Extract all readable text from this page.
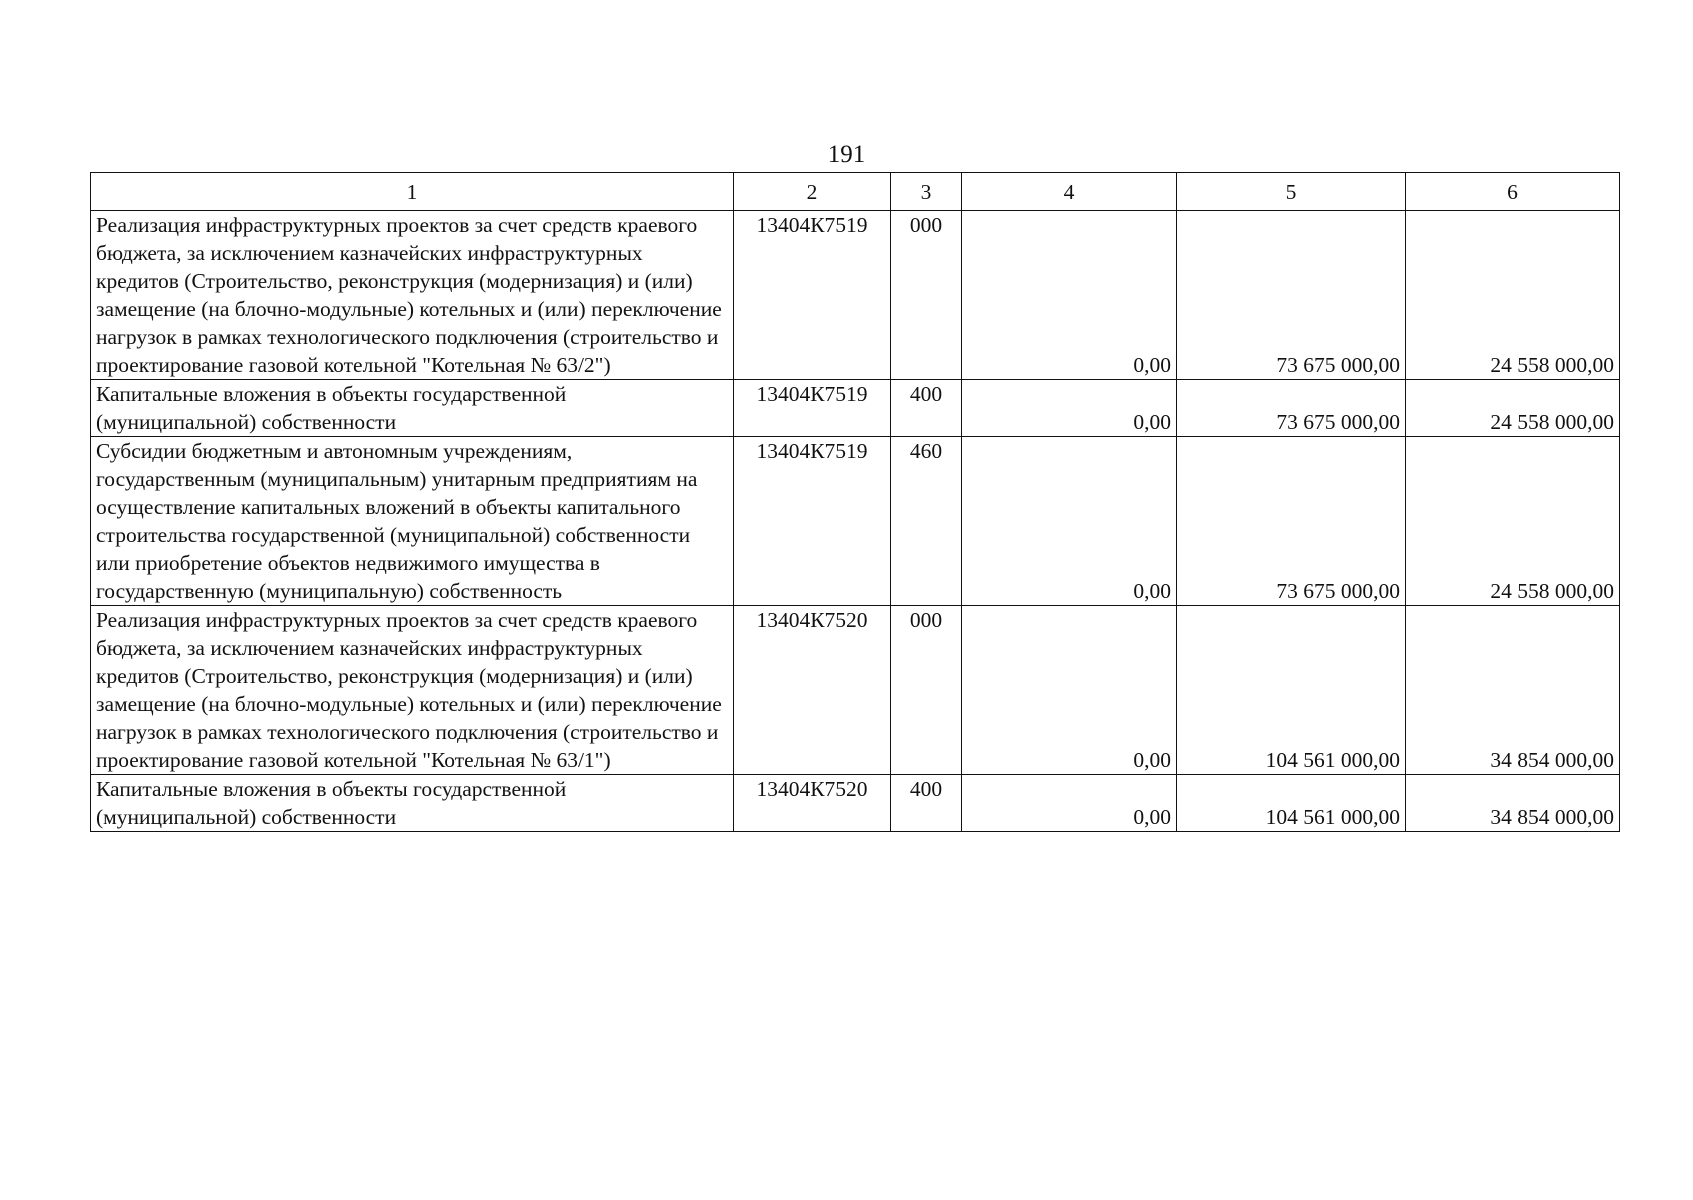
191
1	2	3	4	5	6
Реализация инфраструктурных проектов за счет средств краевого бюджета, за исключением казначейских инфраструктурных кредитов (Строительство, реконструкция (модернизация) и (или) замещение (на блочно-модульные) котельных и (или) переключение нагрузок в рамках технологического подключения (строительство и проектирование газовой котельной "Котельная № 63/2")	13404К7519	000	0,00	73 675 000,00	24 558 000,00
Капитальные вложения в объекты государственной (муниципальной) собственности	13404К7519	400	0,00	73 675 000,00	24 558 000,00
Субсидии бюджетным и автономным учреждениям, государственным (муниципальным) унитарным предприятиям на осуществление капитальных вложений в объекты капитального строительства государственной (муниципальной) собственности или приобретение объектов недвижимого имущества в государственную (муниципальную) собственность	13404К7519	460	0,00	73 675 000,00	24 558 000,00
Реализация инфраструктурных проектов за счет средств краевого бюджета, за исключением казначейских инфраструктурных кредитов (Строительство, реконструкция (модернизация) и (или) замещение (на блочно-модульные) котельных и (или) переключение нагрузок в рамках технологического подключения (строительство и проектирование газовой котельной "Котельная № 63/1")	13404К7520	000	0,00	104 561 000,00	34 854 000,00
Капитальные вложения в объекты государственной (муниципальной) собственности	13404К7520	400	0,00	104 561 000,00	34 854 000,00
